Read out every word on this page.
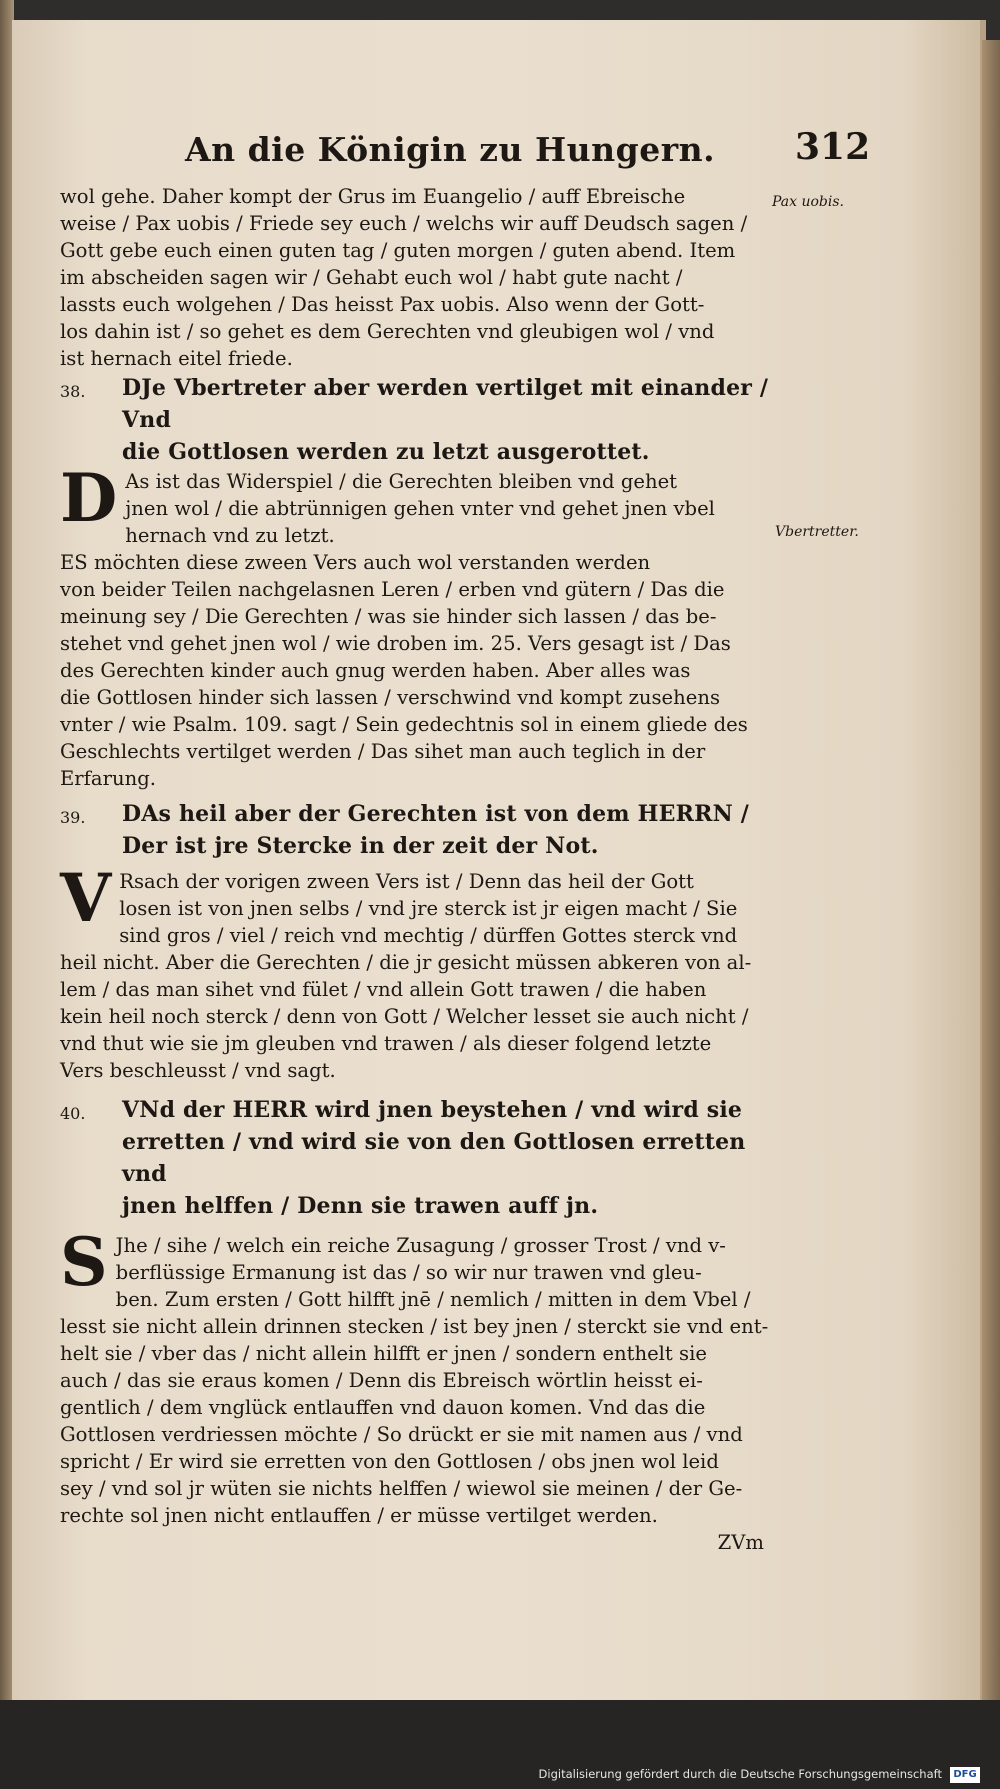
An die Königin zu Hungern. 312
Pax uobis.
Vbertretter.
wol gehe. Daher kompt der Grus im Euangelio / auff Ebreische
weise / Pax uobis / Friede sey euch / welchs wir auff Deudsch sagen /
Gott gebe euch einen guten tag / guten morgen / guten abend. Item
im abscheiden sagen wir / Gehabt euch wol / habt gute nacht /
lassts euch wolgehen / Das heisst Pax uobis. Also wenn der Gott-
los dahin ist / so gehet es dem Gerechten vnd gleubigen wol / vnd
ist hernach eitel friede.
38.	DJe Vbertreter aber werden vertilget mit einander / Vnd
die Gottlosen werden zu letzt ausgerottet.
D As ist das Widerspiel / die Gerechten bleiben vnd gehet
jnen wol / die abtrünnigen gehen vnter vnd gehet jnen vbel
hernach vnd zu letzt.
ES möchten diese zween Vers auch wol verstanden werden
von beider Teilen nachgelasnen Leren / erben vnd gütern / Das die
meinung sey / Die Gerechten / was sie hinder sich lassen / das be-
stehet vnd gehet jnen wol / wie droben im. 25. Vers gesagt ist / Das
des Gerechten kinder auch gnug werden haben. Aber alles was
die Gottlosen hinder sich lassen / verschwind vnd kompt zusehens
vnter / wie Psalm. 109. sagt / Sein gedechtnis sol in einem gliede des
Geschlechts vertilget werden / Das sihet man auch teglich in der
Erfarung.
39.	DAs heil aber der Gerechten ist von dem HERRN /
Der ist jre Stercke in der zeit der Not.
V Rsach der vorigen zween Vers ist / Denn das heil der Gott
losen ist von jnen selbs / vnd jre sterck ist jr eigen macht / Sie
sind gros / viel / reich vnd mechtig / dürffen Gottes sterck vnd
heil nicht. Aber die Gerechten / die jr gesicht müssen abkeren von al-
lem / das man sihet vnd fület / vnd allein Gott trawen / die haben
kein heil noch sterck / denn von Gott / Welcher lesset sie auch nicht /
vnd thut wie sie jm gleuben vnd trawen / als dieser folgend letzte
Vers beschleusst / vnd sagt.
40.	VNd der HERR wird jnen beystehen / vnd wird sie
erretten / vnd wird sie von den Gottlosen erretten vnd
jnen helffen / Denn sie trawen auff jn.
S Jhe / sihe / welch ein reiche Zusagung / grosser Trost / vnd v-
berflüssige Ermanung ist das / so wir nur trawen vnd gleu-
ben. Zum ersten / Gott hilfft jnē / nemlich / mitten in dem Vbel /
lesst sie nicht allein drinnen stecken / ist bey jnen / sterckt sie vnd ent-
helt sie / vber das / nicht allein hilfft er jnen / sondern enthelt sie
auch / das sie eraus komen / Denn dis Ebreisch wörtlin heisst ei-
gentlich / dem vnglück entlauffen vnd dauon komen. Vnd das die
Gottlosen verdriessen möchte / So drückt er sie mit namen aus / vnd
spricht / Er wird sie erretten von den Gottlosen / obs jnen wol leid
sey / vnd sol jr wüten sie nichts helffen / wiewol sie meinen / der Ge-
rechte sol jnen nicht entlauffen / er müsse vertilget werden.
ZVm
Digitalisierung gefördert durch die Deutsche Forschungsgemeinschaft	DFG
